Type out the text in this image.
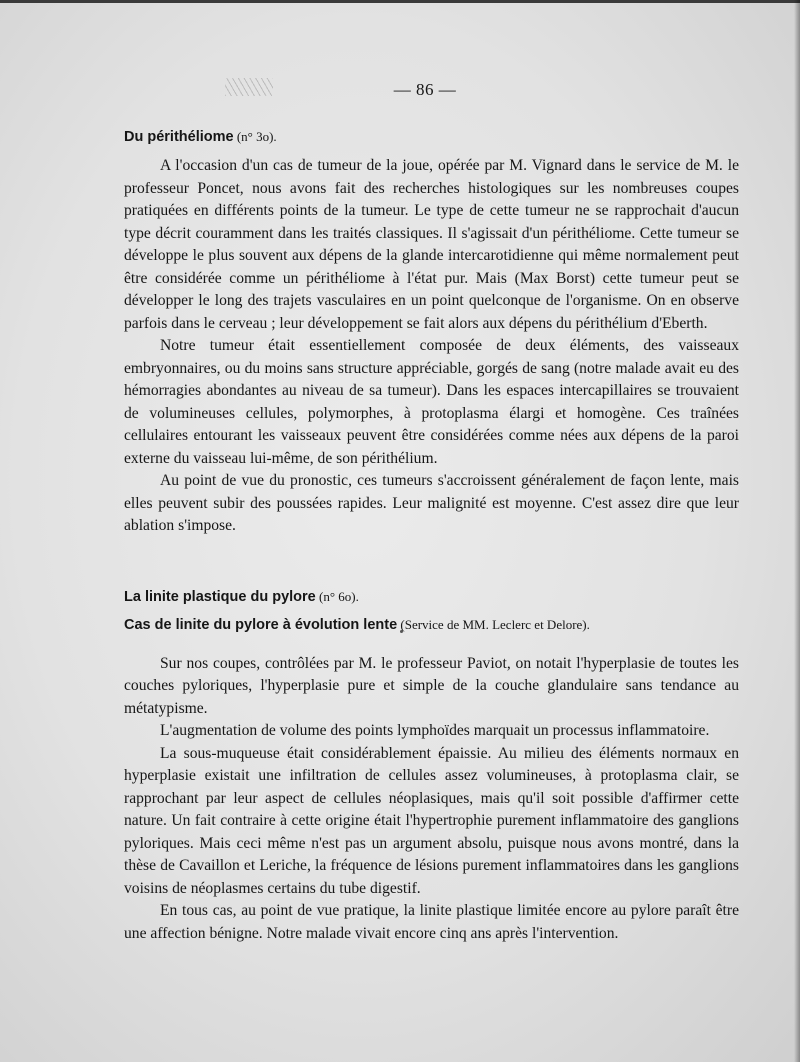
— 86 —

Du périthéliome (n° 3o).

A l'occasion d'un cas de tumeur de la joue, opérée par M. Vignard dans le service de M. le professeur Poncet, nous avons fait des recherches histologiques sur les nombreuses coupes pratiquées en différents points de la tumeur. Le type de cette tumeur ne se rapprochait d'aucun type décrit couramment dans les traités classiques. Il s'agissait d'un périthéliome. Cette tumeur se développe le plus souvent aux dépens de la glande intercarotidienne qui même normalement peut être considérée comme un périthéliome à l'état pur. Mais (Max Borst) cette tumeur peut se développer le long des trajets vasculaires en un point quelconque de l'organisme. On en observe parfois dans le cerveau ; leur développement se fait alors aux dépens du périthélium d'Eberth.

Notre tumeur était essentiellement composée de deux éléments, des vaisseaux embryonnaires, ou du moins sans structure appréciable, gorgés de sang (notre malade avait eu des hémorragies abondantes au niveau de sa tumeur). Dans les espaces intercapillaires se trouvaient de volumineuses cellules, polymorphes, à protoplasma élargi et homogène. Ces traînées cellulaires entourant les vaisseaux peuvent être considérées comme nées aux dépens de la paroi externe du vaisseau lui-même, de son périthélium.

Au point de vue du pronostic, ces tumeurs s'accroissent généralement de façon lente, mais elles peuvent subir des poussées rapides. Leur malignité est moyenne. C'est assez dire que leur ablation s'impose.

La linite plastique du pylore (n° 6o).

Cas de linite du pylore à évolution lente (Service de MM. Leclerc et Delore).

Sur nos coupes, contrôlées par M. le professeur Paviot, on notait l'hyperplasie de toutes les couches pyloriques, l'hyperplasie pure et simple de la couche glandulaire sans tendance au métatypisme.

L'augmentation de volume des points lymphoïdes marquait un processus inflammatoire.

La sous-muqueuse était considérablement épaissie. Au milieu des éléments normaux en hyperplasie existait une infiltration de cellules assez volumineuses, à protoplasma clair, se rapprochant par leur aspect de cellules néoplasiques, mais qu'il soit possible d'affirmer cette nature. Un fait contraire à cette origine était l'hypertrophie purement inflammatoire des ganglions pyloriques. Mais ceci même n'est pas un argument absolu, puisque nous avons montré, dans la thèse de Cavaillon et Leriche, la fréquence de lésions purement inflammatoires dans les ganglions voisins de néoplasmes certains du tube digestif.

En tous cas, au point de vue pratique, la linite plastique limitée encore au pylore paraît être une affection bénigne. Notre malade vivait encore cinq ans après l'intervention.
